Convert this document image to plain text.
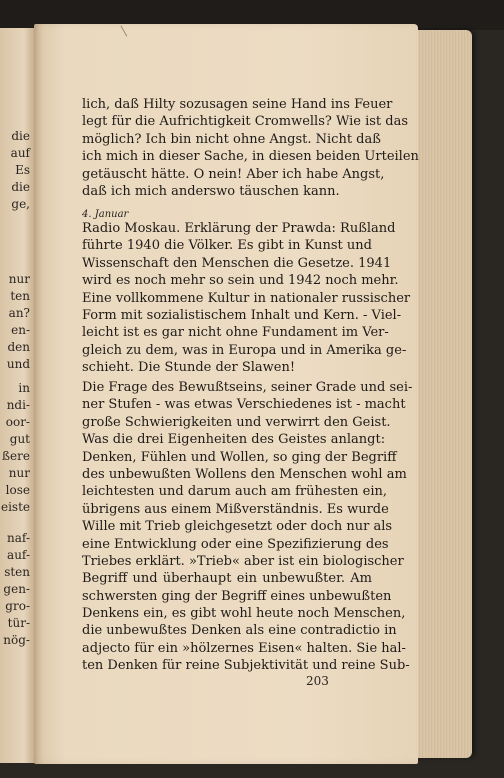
die
auf
Es
die
ge,
nur
ten
an?
en-
den
und
in
ndi-
oor-
gut
ßere
nur
lose
eiste
naf-
auf-
sten
gen-
gro-
tür-
nög-
lich, daß Hilty sozusagen seine Hand ins Feuer
legt für die Aufrichtigkeit Cromwells? Wie ist das
möglich? Ich bin nicht ohne Angst. Nicht daß
ich mich in dieser Sache, in diesen beiden Urteilen
getäuscht hätte. O nein! Aber ich habe Angst,
daß ich mich anderswo täuschen kann.
4. Januar
Radio Moskau. Erklärung der Prawda: Rußland
führte 1940 die Völker. Es gibt in Kunst und
Wissenschaft den Menschen die Gesetze. 1941
wird es noch mehr so sein und 1942 noch mehr.
Eine vollkommene Kultur in nationaler russischer
Form mit sozialistischem Inhalt und Kern. - Viel-
leicht ist es gar nicht ohne Fundament im Ver-
gleich zu dem, was in Europa und in Amerika ge-
schieht. Die Stunde der Slawen!
Die Frage des Bewußtseins, seiner Grade und sei-
ner Stufen - was etwas Verschiedenes ist - macht
große Schwierigkeiten und verwirrt den Geist.
Was die drei Eigenheiten des Geistes anlangt:
Denken, Fühlen und Wollen, so ging der Begriff
des unbewußten Wollens den Menschen wohl am
leichtesten und darum auch am frühesten ein,
übrigens aus einem Mißverständnis. Es wurde
Wille mit Trieb gleichgesetzt oder doch nur als
eine Entwicklung oder eine Spezifizierung des
Triebes erklärt. »Trieb« aber ist ein biologischer
Begriff und überhaupt ein unbewußter. Am
schwersten ging der Begriff eines unbewußten
Denkens ein, es gibt wohl heute noch Menschen,
die unbewußtes Denken als eine contradictio in
adjecto für ein »hölzernes Eisen« halten. Sie hal-
ten Denken für reine Subjektivität und reine Sub-
203
